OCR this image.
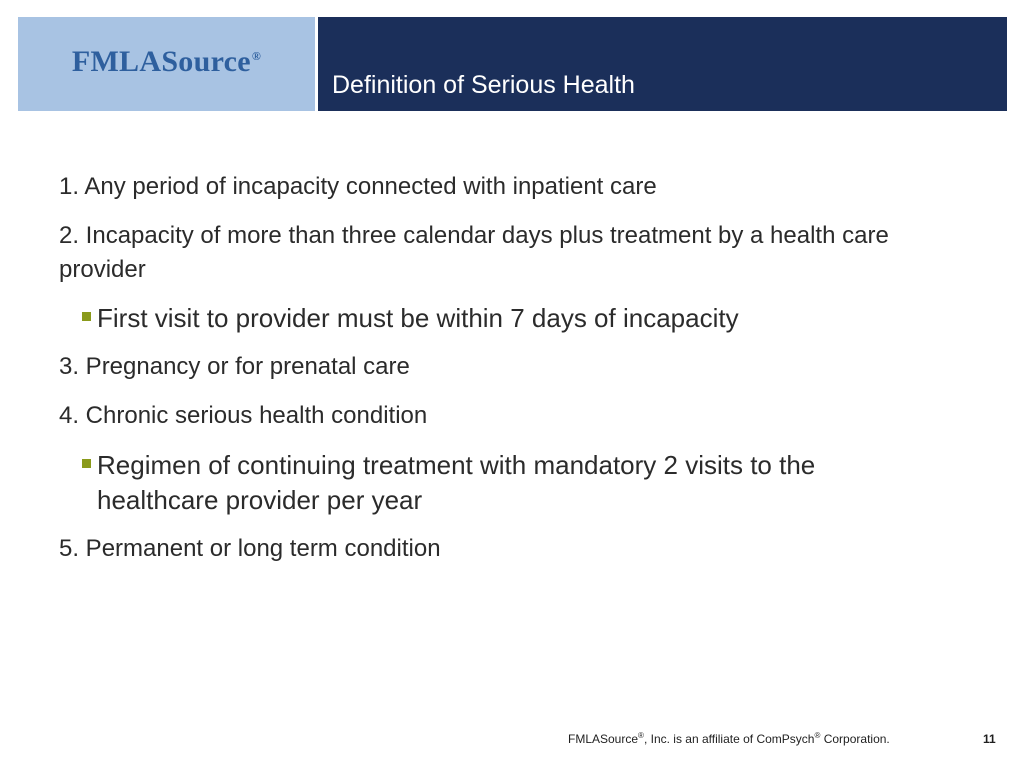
FMLASource®
Definition of Serious Health

1. Any period of incapacity connected with inpatient care

2. Incapacity of more than three calendar days plus treatment by a health care provider

First visit to provider must be within 7 days of incapacity

3. Pregnancy or for prenatal care

4. Chronic serious health condition

Regimen of continuing treatment with mandatory 2 visits to the healthcare provider per year

5. Permanent or long term condition

FMLASource®, Inc. is an affiliate of ComPsych® Corporation.	11
